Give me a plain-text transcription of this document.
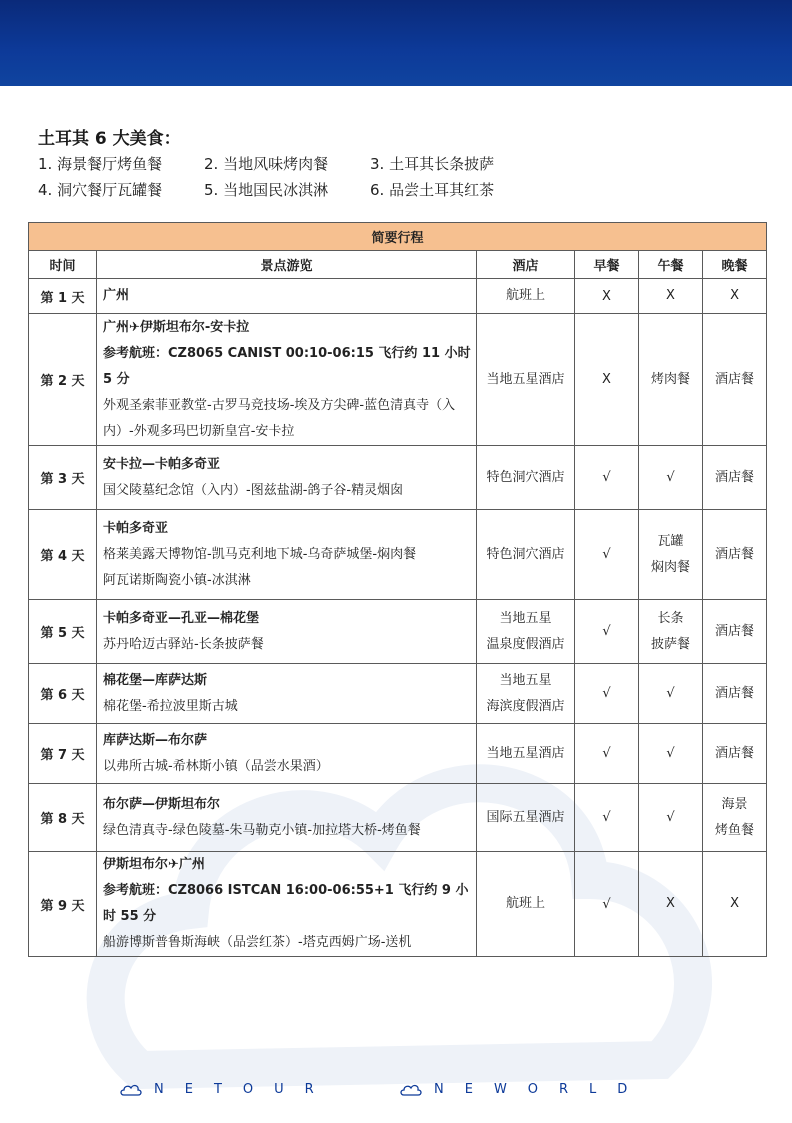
土耳其 6 大美食：
1. 海景餐厅烤鱼餐	2. 当地风味烤肉餐	3. 土耳其长条披萨
4. 洞穴餐厅瓦罐餐	5. 当地国民冰淇淋	6. 品尝土耳其红茶
简要行程					
时间	景点游览	酒店	早餐	午餐	晚餐
第 1 天	广州	航班上	X	X	X

第 2 天	广州✈伊斯坦布尔-安卡拉
参考航班：CZ8065 CANIST 00:10-06:15 飞行约 11 小时 5 分
外观圣索菲亚教堂-古罗马竞技场-埃及方尖碑-蓝色清真寺（入内）-外观多玛巴切新皇宫-安卡拉	当地五星酒店	X	烤肉餐	酒店餐

第 3 天	安卡拉—卡帕多奇亚
国父陵墓纪念馆（入内）-图兹盐湖-鸽子谷-精灵烟囱	特色洞穴酒店	√	√	酒店餐

第 4 天	卡帕多奇亚
格莱美露天博物馆-凯马克利地下城-乌奇萨城堡-焖肉餐
阿瓦诺斯陶瓷小镇-冰淇淋	特色洞穴酒店	√	瓦罐
焖肉餐	酒店餐

第 5 天	卡帕多奇亚—孔亚—棉花堡
苏丹哈迈古驿站-长条披萨餐	当地五星
温泉度假酒店	√	长条
披萨餐	酒店餐

第 6 天	棉花堡—库萨达斯
棉花堡-希拉波里斯古城	当地五星
海滨度假酒店	√	√	酒店餐

第 7 天	库萨达斯—布尔萨
以弗所古城-希林斯小镇（品尝水果酒）	当地五星酒店	√	√	酒店餐

第 8 天	布尔萨—伊斯坦布尔
绿色清真寺-绿色陵墓-朱马勒克小镇-加拉塔大桥-烤鱼餐	国际五星酒店	√	√	海景
烤鱼餐

第 9 天	伊斯坦布尔✈广州
参考航班：CZ8066 ISTCAN 16:00-06:55+1 飞行约 9 小时 55 分
船游博斯普鲁斯海峡（品尝红茶）-塔克西姆广场-送机	航班上	√	X	X
NETOUR	NEWORLD
